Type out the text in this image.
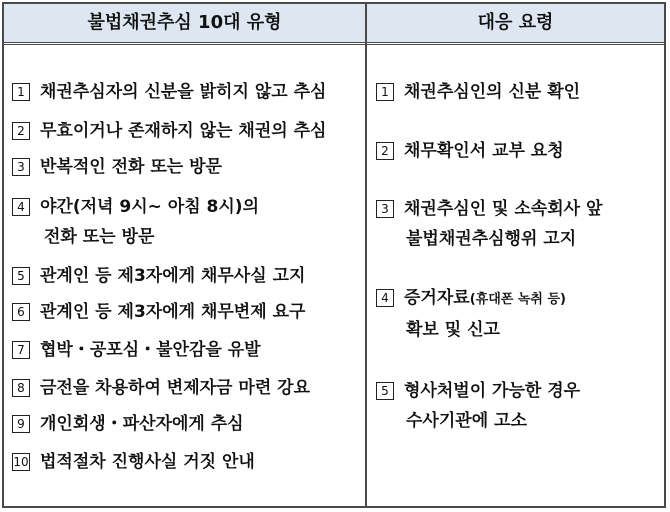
불법채권추심 10대 유형	대응 요령
1 채권추심자의 신분을 밝히지 않고 추심
2 무효이거나 존재하지 않는 채권의 추심
3 반복적인 전화 또는 방문
4 야간(저녁 9시~ 아침 8시)의
전화 또는 방문
5 관계인 등 제3자에게 채무사실 고지
6 관계인 등 제3자에게 채무변제 요구
7 협박・공포심・불안감을 유발
8 금전을 차용하여 변제자금 마련 강요
9 개인회생・파산자에게 추심
10 법적절차 진행사실 거짓 안내
1 채권추심인의 신분 확인
2 채무확인서 교부 요청
3 채권추심인 및 소속회사 앞
불법채권추심행위 고지
4 증거자료(휴대폰 녹취 등)
확보 및 신고
5 형사처벌이 가능한 경우
수사기관에 고소
